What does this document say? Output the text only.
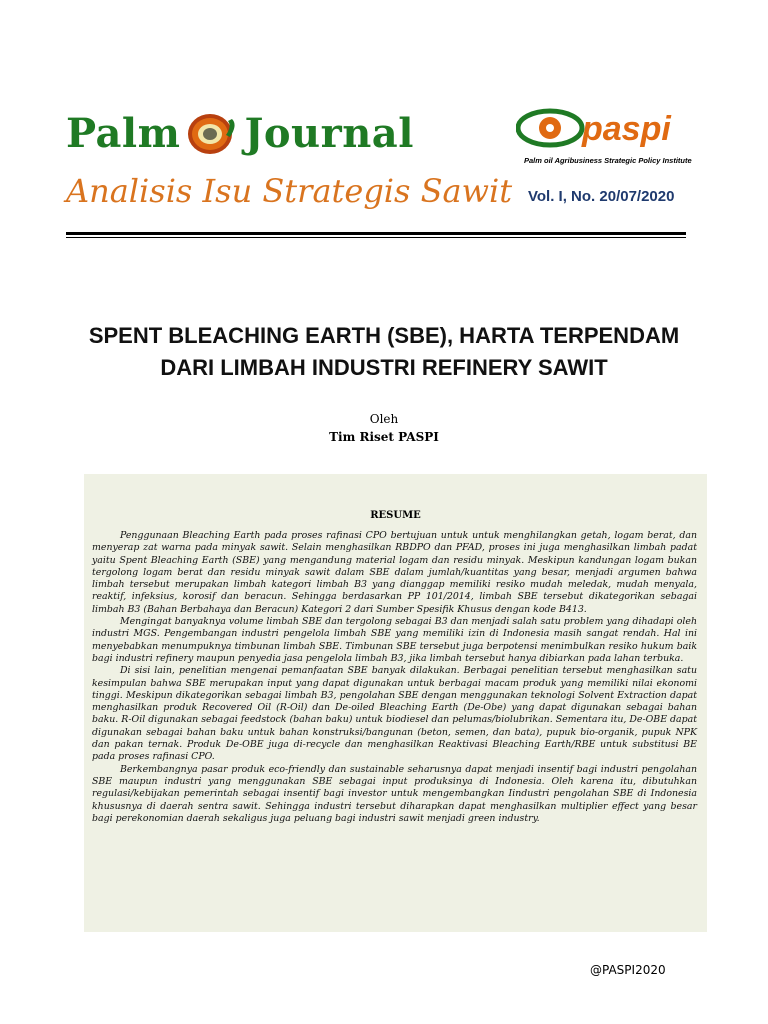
Palm Journal
Analisis Isu Strategis Sawit
paspi
Palm oil Agribusiness Strategic Policy Institute
Vol. I, No. 20/07/2020
SPENT BLEACHING EARTH (SBE), HARTA TERPENDAM
DARI LIMBAH INDUSTRI REFINERY SAWIT
Oleh
Tim Riset PASPI
RESUME

Penggunaan Bleaching Earth pada proses rafinasi CPO bertujuan untuk untuk menghilangkan getah, logam berat, dan menyerap zat warna pada minyak sawit. Selain menghasilkan RBDPO dan PFAD, proses ini juga menghasilkan limbah padat yaitu Spent Bleaching Earth (SBE) yang mengandung material logam dan residu minyak. Meskipun kandungan logam bukan tergolong logam berat dan residu minyak sawit dalam SBE dalam jumlah/kuantitas yang besar, menjadi argumen bahwa limbah tersebut merupakan limbah kategori limbah B3 yang dianggap memiliki resiko mudah meledak, mudah menyala, reaktif, infeksius, korosif dan beracun. Sehingga berdasarkan PP 101/2014, limbah SBE tersebut dikategorikan sebagai limbah B3 (Bahan Berbahaya dan Beracun) Kategori 2 dari Sumber Spesifik Khusus dengan kode B413.

Mengingat banyaknya volume limbah SBE dan tergolong sebagai B3 dan menjadi salah satu problem yang dihadapi oleh industri MGS. Pengembangan industri pengelola limbah SBE yang memiliki izin di Indonesia masih sangat rendah. Hal ini menyebabkan menumpuknya timbunan limbah SBE. Timbunan SBE tersebut juga berpotensi menimbulkan resiko hukum baik bagi industri refinery maupun penyedia jasa pengelola limbah B3, jika limbah tersebut hanya dibiarkan pada lahan terbuka.

Di sisi lain, penelitian mengenai pemanfaatan SBE banyak dilakukan. Berbagai penelitian tersebut menghasilkan satu kesimpulan bahwa SBE merupakan input yang dapat digunakan untuk berbagai macam produk yang memiliki nilai ekonomi tinggi. Meskipun dikategorikan sebagai limbah B3, pengolahan SBE dengan menggunakan teknologi Solvent Extraction dapat menghasilkan produk Recovered Oil (R-Oil) dan De-oiled Bleaching Earth (De-Obe) yang dapat digunakan sebagai bahan baku. R-Oil digunakan sebagai feedstock (bahan baku) untuk biodiesel dan pelumas/biolubrikan. Sementara itu, De-OBE dapat digunakan sebagai bahan baku untuk bahan konstruksi/bangunan (beton, semen, dan bata), pupuk bio-organik, pupuk NPK dan pakan ternak. Produk De-OBE juga di-recycle dan menghasilkan Reaktivasi Bleaching Earth/RBE untuk substitusi BE pada proses rafinasi CPO.

Berkembangnya pasar produk eco-friendly dan sustainable seharusnya dapat menjadi insentif bagi industri pengolahan SBE maupun industri yang menggunakan SBE sebagai input produksinya di Indonesia. Oleh karena itu, dibutuhkan regulasi/kebijakan pemerintah sebagai insentif bagi investor untuk mengembangkan Iindustri pengolahan SBE di Indonesia khususnya di daerah sentra sawit. Sehingga industri tersebut diharapkan dapat menghasilkan multiplier effect yang besar bagi perekonomian daerah sekaligus juga peluang bagi industri sawit menjadi green industry.

@PASPI2020
